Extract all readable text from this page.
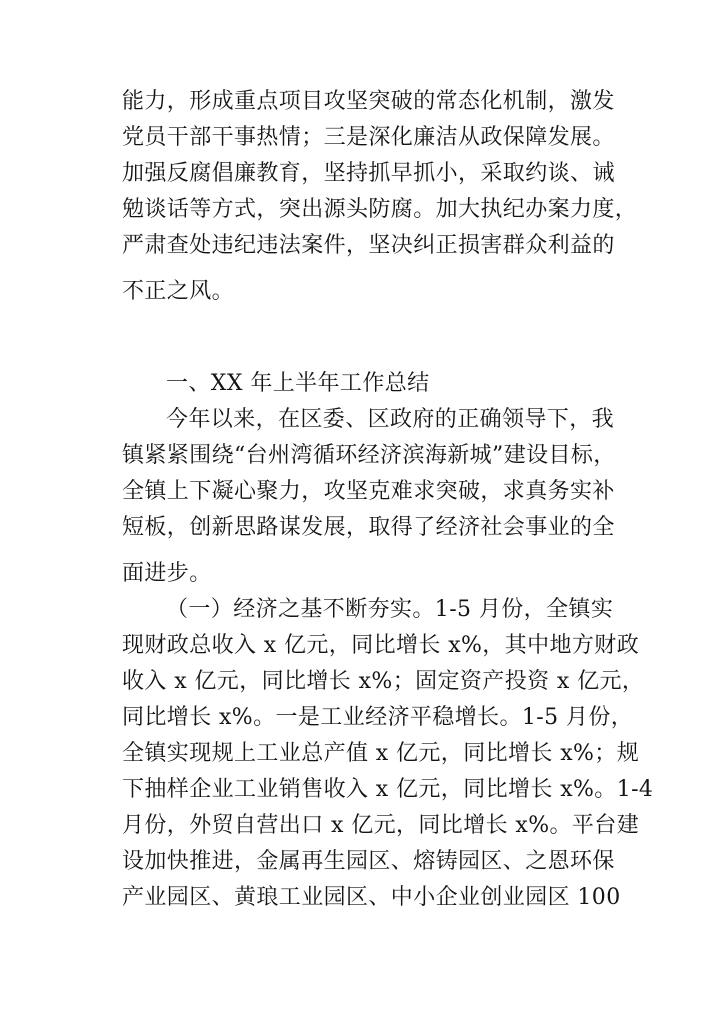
能力，形成重点项目攻坚突破的常态化机制，激发
党员干部干事热情；三是深化廉洁从政保障发展。
加强反腐倡廉教育，坚持抓早抓小，采取约谈、诫
勉谈话等方式，突出源头防腐。加大执纪办案力度，
严肃查处违纪违法案件，坚决纠正损害群众利益的
不正之风。
一、XX 年上半年工作总结
今年以来，在区委、区政府的正确领导下，我
镇紧紧围绕“台州湾循环经济滨海新城”建设目标，
全镇上下凝心聚力，攻坚克难求突破，求真务实补
短板，创新思路谋发展，取得了经济社会事业的全
面进步。
（一）经济之基不断夯实。1-5 月份，全镇实
现财政总收入 x 亿元，同比增长 x%，其中地方财政
收入 x 亿元，同比增长 x%；固定资产投资 x 亿元，
同比增长 x%。一是工业经济平稳增长。1-5 月份，
全镇实现规上工业总产值 x 亿元，同比增长 x%；规
下抽样企业工业销售收入 x 亿元，同比增长 x%。1-4
月份，外贸自营出口 x 亿元，同比增长 x%。平台建
设加快推进，金属再生园区、熔铸园区、之恩环保
产业园区、黄琅工业园区、中小企业创业园区 100
